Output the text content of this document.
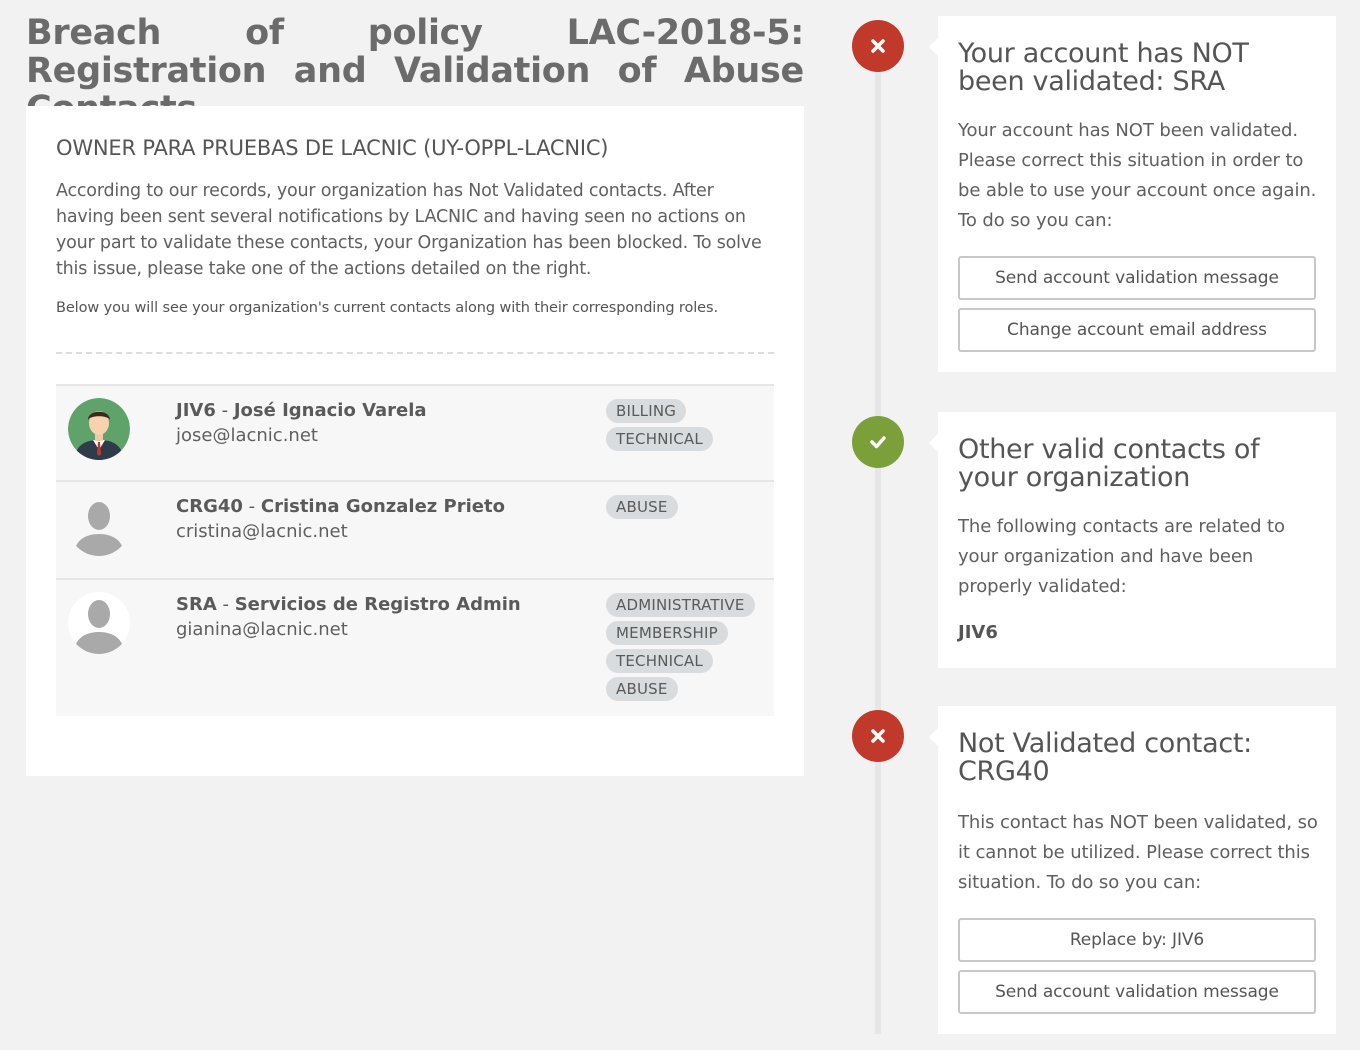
Breach of policy LAC-2018-5: Registration and Validation of Abuse
OWNER PARA PRUEBAS DE LACNIC (UY-OPPL-LACNIC)

According to our records, your organization has Not Validated contacts. After having been sent several notifications by LACNIC and having seen no actions on your part to validate these contacts, your Organization has been blocked. To solve this issue, please take one of the actions detailed on the right.

Below you will see your organization's current contacts along with their corresponding roles.

JIV6 - José Ignacio Varela
jose@lacnic.net
BILLING
TECHNICAL
CRG40 - Cristina Gonzalez Prieto
cristina@lacnic.net
ABUSE
SRA - Servicios de Registro Admin
gianina@lacnic.net
ADMINISTRATIVE
MEMBERSHIP
TECHNICAL
ABUSE
Your account has NOT been validated: SRA

Your account has NOT been validated. Please correct this situation in order to be able to use your account once again. To do so you can:

Send account validation message
Change account email address
Other valid contacts of your organization

The following contacts are related to your organization and have been properly validated:

JIV6
Not Validated contact: CRG40

This contact has NOT been validated, so it cannot be utilized. Please correct this situation. To do so you can:

Replace by: JIV6
Send account validation message
